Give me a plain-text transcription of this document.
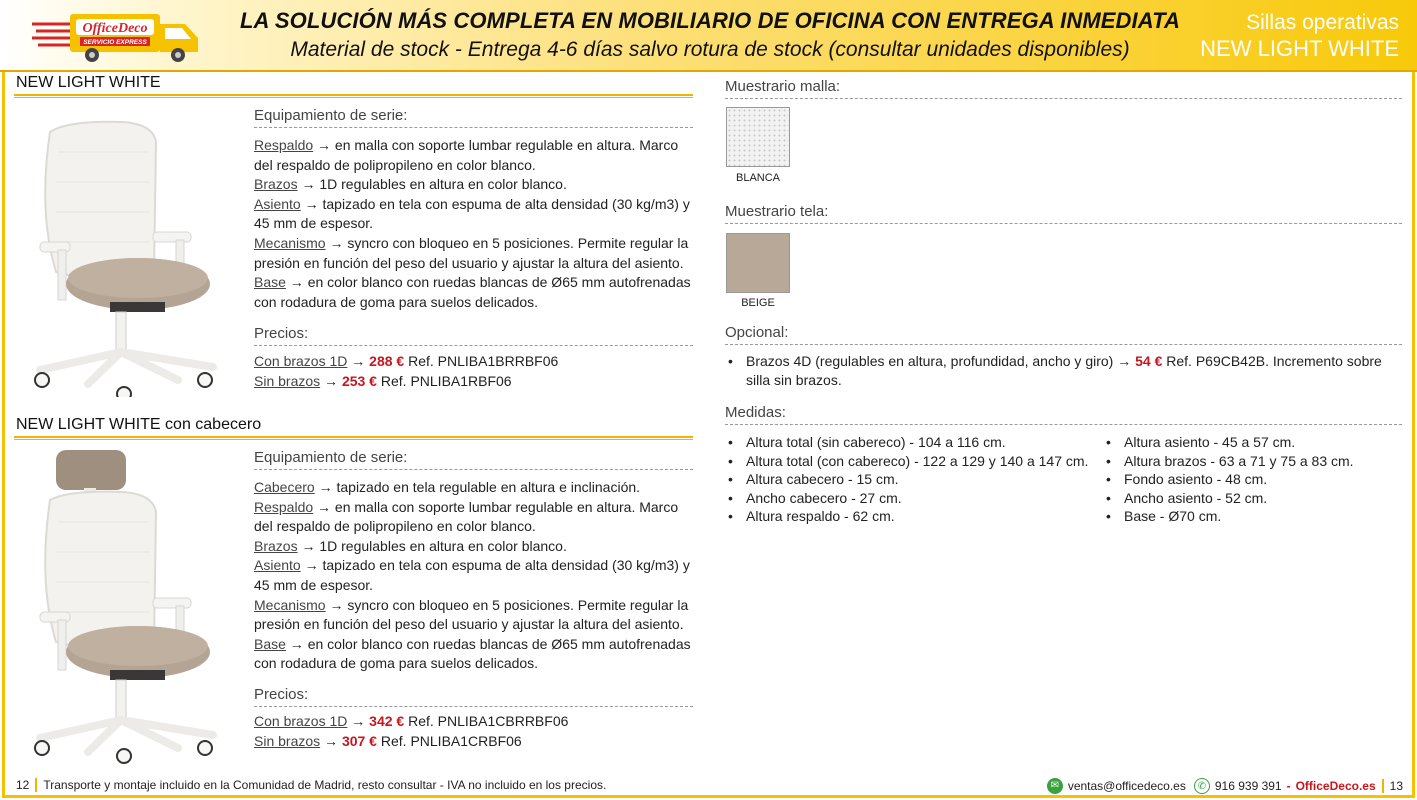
OfficeDeco
SERVICIO EXPRESS
LA SOLUCIÓN MÁS COMPLETA EN MOBILIARIO DE OFICINA CON ENTREGA INMEDIATA
Material de stock - Entrega 4-6 días salvo rotura de stock (consultar unidades disponibles)
Sillas operativas
NEW LIGHT WHITE
NEW LIGHT WHITE
Equipamiento de serie:

Respaldo → en malla con soporte lumbar regulable en altura. Marco del respaldo de polipropileno en color blanco.

Brazos → 1D regulables en altura en color blanco.

Asiento → tapizado en tela con espuma de alta densidad (30 kg/m3) y 45 mm de espesor.

Mecanismo → syncro con bloqueo en 5 posiciones. Permite regular la presión en función del peso del usuario y ajustar la altura del asiento.

Base → en color blanco con ruedas blancas de Ø65 mm autofrenadas con rodadura de goma para suelos delicados.

Precios:

Con brazos 1D → 288 € Ref. PNLIBA1BRRBF06

Sin brazos → 253 € Ref. PNLIBA1RBF06

NEW LIGHT WHITE con cabecero
Equipamiento de serie:

Cabecero → tapizado en tela regulable en altura e inclinación.

Respaldo → en malla con soporte lumbar regulable en altura. Marco del respaldo de polipropileno en color blanco.

Brazos → 1D regulables en altura en color blanco.

Asiento → tapizado en tela con espuma de alta densidad (30 kg/m3) y 45 mm de espesor.

Mecanismo → syncro con bloqueo en 5 posiciones. Permite regular la presión en función del peso del usuario y ajustar la altura del asiento.

Base → en color blanco con ruedas blancas de Ø65 mm autofrenadas con rodadura de goma para suelos delicados.

Precios:

Con brazos 1D → 342 € Ref. PNLIBA1CBRRBF06

Sin brazos → 307 € Ref. PNLIBA1CRBF06

Muestrario malla:
BLANCA
Muestrario tela:
BEIGE
Opcional:
• Brazos 4D (regulables en altura, profundidad, ancho y giro) → 54 € Ref. P69CB42B. Incremento sobre silla sin brazos.
Medidas:
• Altura total (sin cabereco) - 104 a 116 cm.
• Altura total (con cabereco) - 122 a 129 y 140 a 147 cm.
• Altura cabecero - 15 cm.
• Ancho cabecero - 27 cm.
• Altura respaldo - 62 cm.
• Altura asiento - 45 a 57 cm.
• Altura brazos - 63 a 71 y 75 a 83 cm.
• Fondo asiento - 48 cm.
• Ancho asiento - 52 cm.
• Base - Ø70 cm.
12 Transporte y montaje incluido en la Comunidad de Madrid, resto consultar - IVA no incluido en los precios.	✉ ventas@officedeco.es	✆ 916 939 391 - OfficeDeco.es 13
